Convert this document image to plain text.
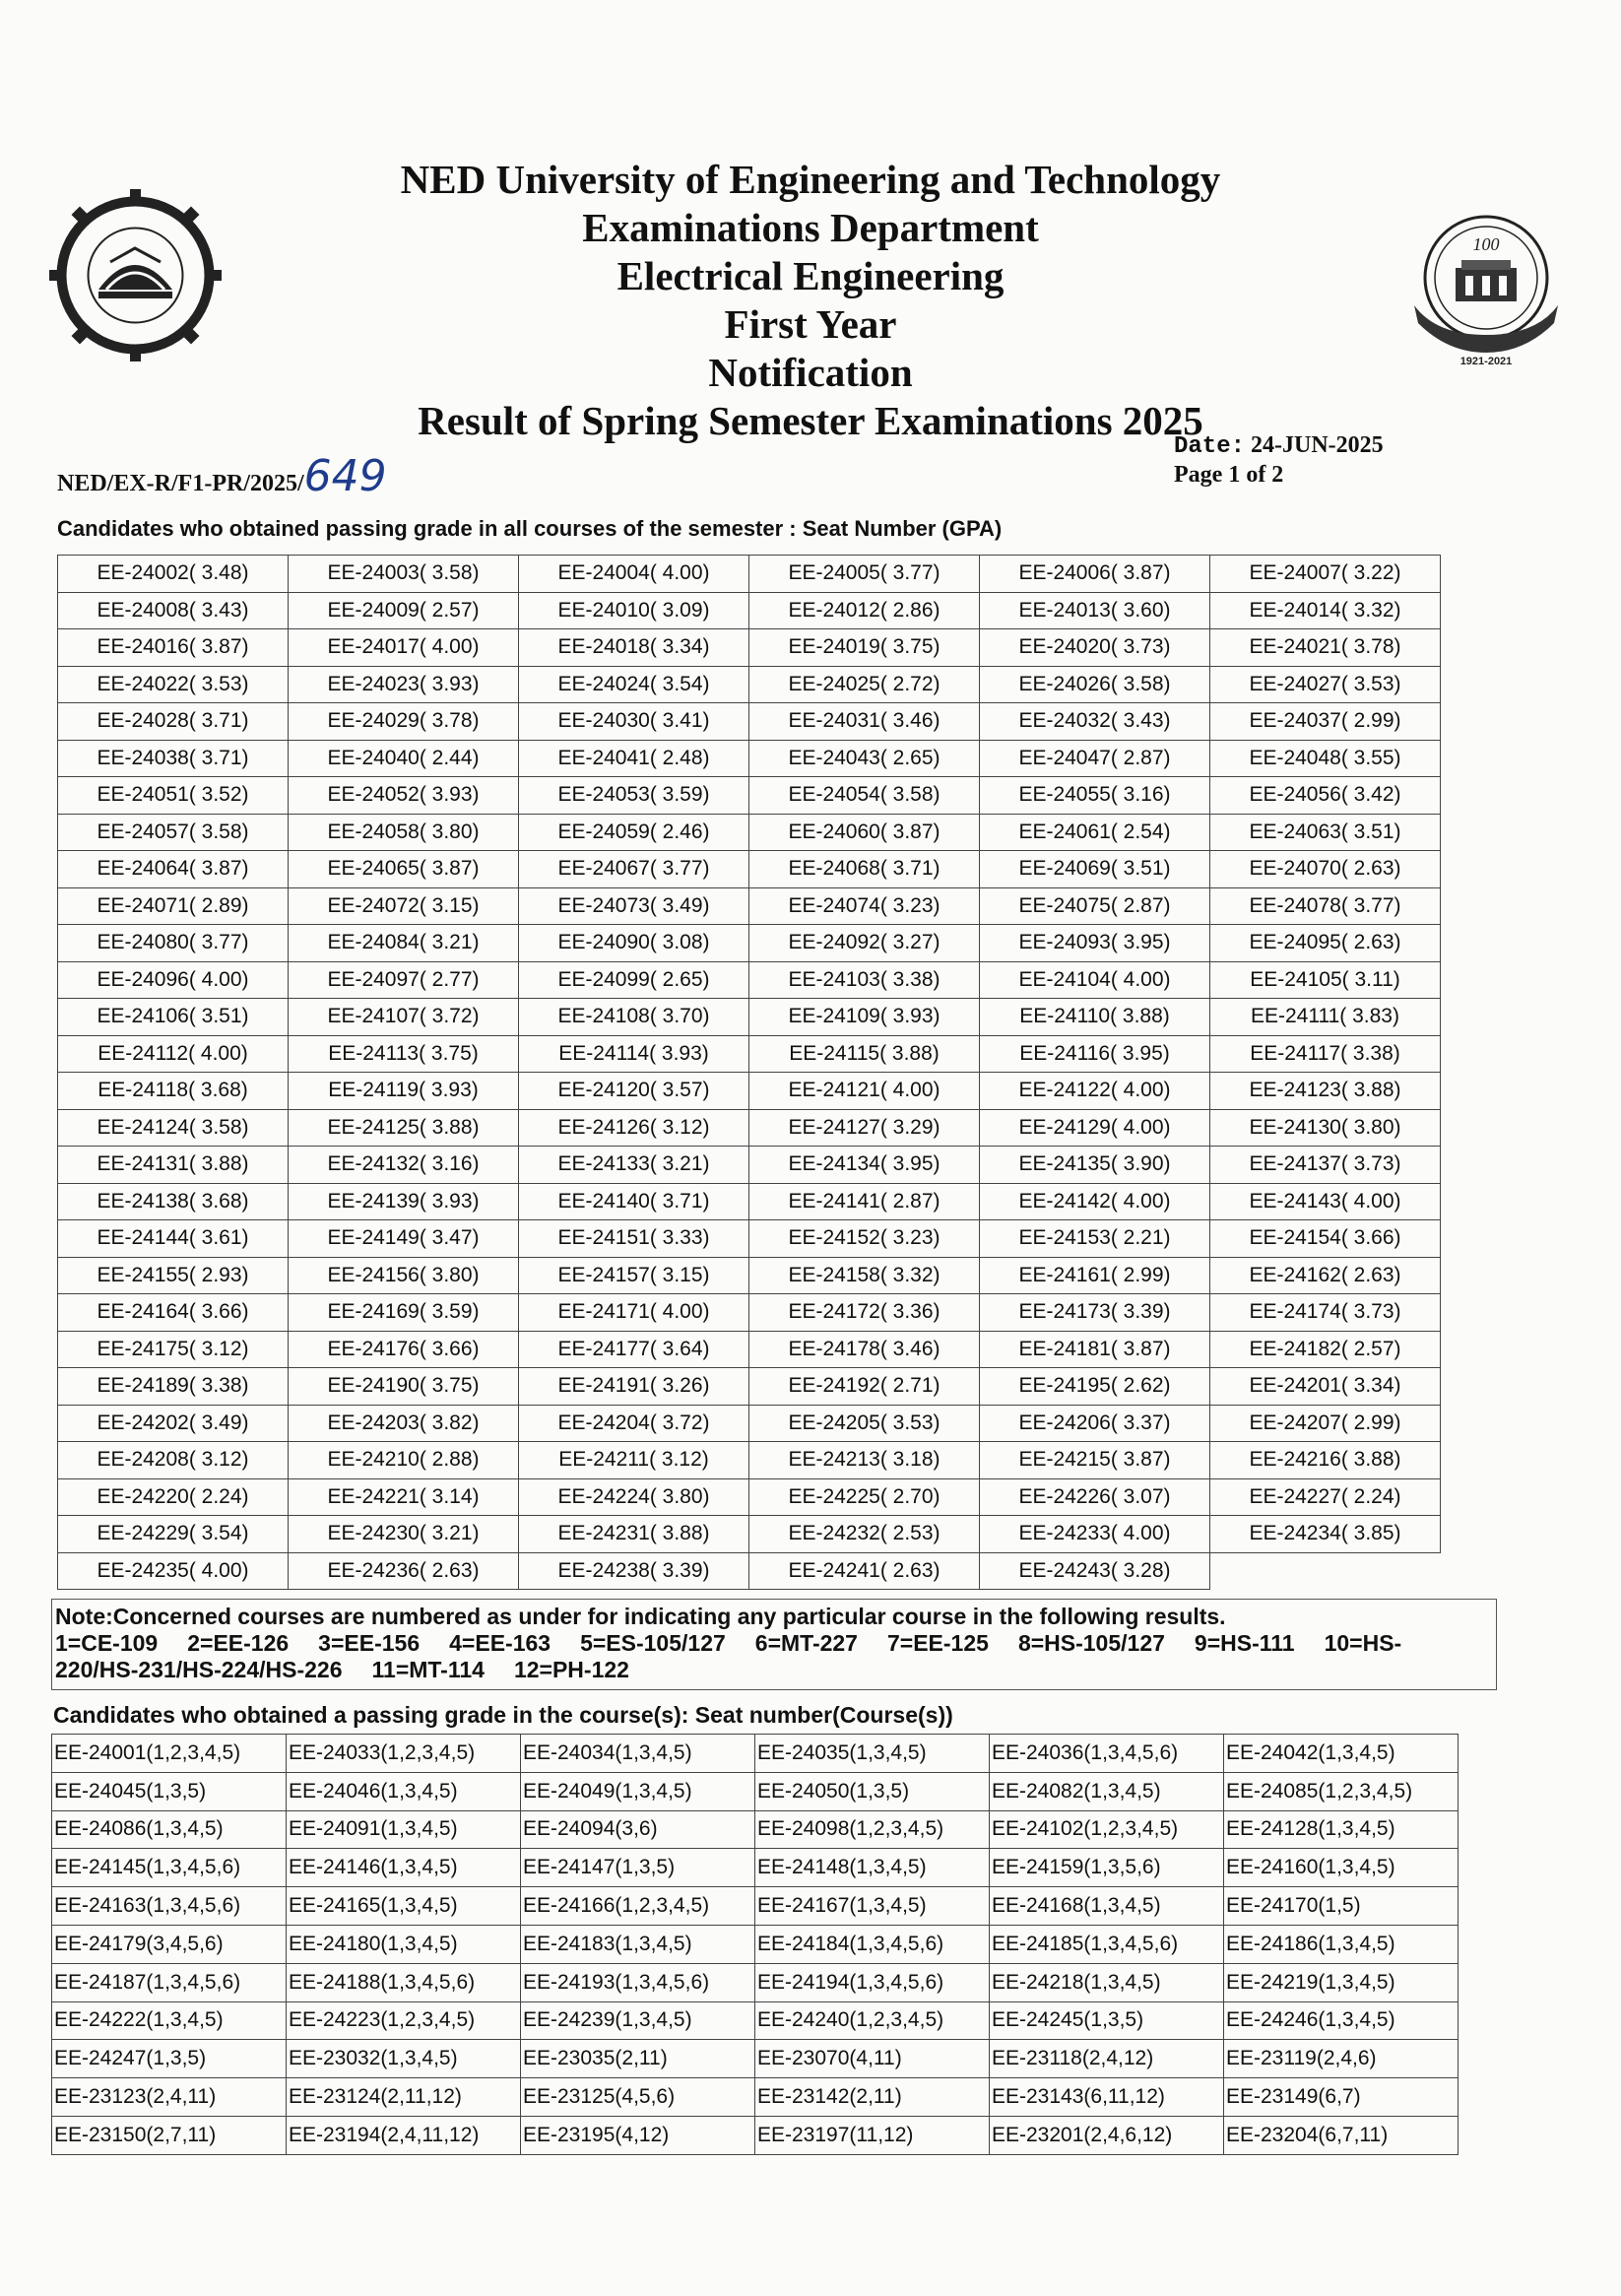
100
1921-2021
NED University of Engineering and Technology
Examinations Department
Electrical Engineering
First Year
Notification
Result of Spring Semester Examinations 2025
NED/EX-R/F1-PR/2025/649
Date: 24-JUN-2025
Page 1 of 2
Candidates who obtained passing grade in all courses of the semester : Seat Number (GPA)
EE-24002( 3.48)	EE-24003( 3.58)	EE-24004( 4.00)	EE-24005( 3.77)	EE-24006( 3.87)	EE-24007( 3.22)
EE-24008( 3.43)	EE-24009( 2.57)	EE-24010( 3.09)	EE-24012( 2.86)	EE-24013( 3.60)	EE-24014( 3.32)
EE-24016( 3.87)	EE-24017( 4.00)	EE-24018( 3.34)	EE-24019( 3.75)	EE-24020( 3.73)	EE-24021( 3.78)
EE-24022( 3.53)	EE-24023( 3.93)	EE-24024( 3.54)	EE-24025( 2.72)	EE-24026( 3.58)	EE-24027( 3.53)
EE-24028( 3.71)	EE-24029( 3.78)	EE-24030( 3.41)	EE-24031( 3.46)	EE-24032( 3.43)	EE-24037( 2.99)
EE-24038( 3.71)	EE-24040( 2.44)	EE-24041( 2.48)	EE-24043( 2.65)	EE-24047( 2.87)	EE-24048( 3.55)
EE-24051( 3.52)	EE-24052( 3.93)	EE-24053( 3.59)	EE-24054( 3.58)	EE-24055( 3.16)	EE-24056( 3.42)
EE-24057( 3.58)	EE-24058( 3.80)	EE-24059( 2.46)	EE-24060( 3.87)	EE-24061( 2.54)	EE-24063( 3.51)
EE-24064( 3.87)	EE-24065( 3.87)	EE-24067( 3.77)	EE-24068( 3.71)	EE-24069( 3.51)	EE-24070( 2.63)
EE-24071( 2.89)	EE-24072( 3.15)	EE-24073( 3.49)	EE-24074( 3.23)	EE-24075( 2.87)	EE-24078( 3.77)
EE-24080( 3.77)	EE-24084( 3.21)	EE-24090( 3.08)	EE-24092( 3.27)	EE-24093( 3.95)	EE-24095( 2.63)
EE-24096( 4.00)	EE-24097( 2.77)	EE-24099( 2.65)	EE-24103( 3.38)	EE-24104( 4.00)	EE-24105( 3.11)
EE-24106( 3.51)	EE-24107( 3.72)	EE-24108( 3.70)	EE-24109( 3.93)	EE-24110( 3.88)	EE-24111( 3.83)
EE-24112( 4.00)	EE-24113( 3.75)	EE-24114( 3.93)	EE-24115( 3.88)	EE-24116( 3.95)	EE-24117( 3.38)
EE-24118( 3.68)	EE-24119( 3.93)	EE-24120( 3.57)	EE-24121( 4.00)	EE-24122( 4.00)	EE-24123( 3.88)
EE-24124( 3.58)	EE-24125( 3.88)	EE-24126( 3.12)	EE-24127( 3.29)	EE-24129( 4.00)	EE-24130( 3.80)
EE-24131( 3.88)	EE-24132( 3.16)	EE-24133( 3.21)	EE-24134( 3.95)	EE-24135( 3.90)	EE-24137( 3.73)
EE-24138( 3.68)	EE-24139( 3.93)	EE-24140( 3.71)	EE-24141( 2.87)	EE-24142( 4.00)	EE-24143( 4.00)
EE-24144( 3.61)	EE-24149( 3.47)	EE-24151( 3.33)	EE-24152( 3.23)	EE-24153( 2.21)	EE-24154( 3.66)
EE-24155( 2.93)	EE-24156( 3.80)	EE-24157( 3.15)	EE-24158( 3.32)	EE-24161( 2.99)	EE-24162( 2.63)
EE-24164( 3.66)	EE-24169( 3.59)	EE-24171( 4.00)	EE-24172( 3.36)	EE-24173( 3.39)	EE-24174( 3.73)
EE-24175( 3.12)	EE-24176( 3.66)	EE-24177( 3.64)	EE-24178( 3.46)	EE-24181( 3.87)	EE-24182( 2.57)
EE-24189( 3.38)	EE-24190( 3.75)	EE-24191( 3.26)	EE-24192( 2.71)	EE-24195( 2.62)	EE-24201( 3.34)
EE-24202( 3.49)	EE-24203( 3.82)	EE-24204( 3.72)	EE-24205( 3.53)	EE-24206( 3.37)	EE-24207( 2.99)
EE-24208( 3.12)	EE-24210( 2.88)	EE-24211( 3.12)	EE-24213( 3.18)	EE-24215( 3.87)	EE-24216( 3.88)
EE-24220( 2.24)	EE-24221( 3.14)	EE-24224( 3.80)	EE-24225( 2.70)	EE-24226( 3.07)	EE-24227( 2.24)
EE-24229( 3.54)	EE-24230( 3.21)	EE-24231( 3.88)	EE-24232( 2.53)	EE-24233( 4.00)	EE-24234( 3.85)
EE-24235( 4.00)	EE-24236( 2.63)	EE-24238( 3.39)	EE-24241( 2.63)	EE-24243( 3.28)	
Note:Concerned courses are numbered as under for indicating any particular course in the following results.
1=CE-109 2=EE-126 3=EE-156 4=EE-163 5=ES-105/127 6=MT-227 7=EE-125 8=HS-105/127 9=HS-111 10=HS-
220/HS-231/HS-224/HS-226 11=MT-114 12=PH-122
Candidates who obtained a passing grade in the course(s): Seat number(Course(s))
EE-24001(1,2,3,4,5)	EE-24033(1,2,3,4,5)	EE-24034(1,3,4,5)	EE-24035(1,3,4,5)	EE-24036(1,3,4,5,6)	EE-24042(1,3,4,5)
EE-24045(1,3,5)	EE-24046(1,3,4,5)	EE-24049(1,3,4,5)	EE-24050(1,3,5)	EE-24082(1,3,4,5)	EE-24085(1,2,3,4,5)
EE-24086(1,3,4,5)	EE-24091(1,3,4,5)	EE-24094(3,6)	EE-24098(1,2,3,4,5)	EE-24102(1,2,3,4,5)	EE-24128(1,3,4,5)
EE-24145(1,3,4,5,6)	EE-24146(1,3,4,5)	EE-24147(1,3,5)	EE-24148(1,3,4,5)	EE-24159(1,3,5,6)	EE-24160(1,3,4,5)
EE-24163(1,3,4,5,6)	EE-24165(1,3,4,5)	EE-24166(1,2,3,4,5)	EE-24167(1,3,4,5)	EE-24168(1,3,4,5)	EE-24170(1,5)
EE-24179(3,4,5,6)	EE-24180(1,3,4,5)	EE-24183(1,3,4,5)	EE-24184(1,3,4,5,6)	EE-24185(1,3,4,5,6)	EE-24186(1,3,4,5)
EE-24187(1,3,4,5,6)	EE-24188(1,3,4,5,6)	EE-24193(1,3,4,5,6)	EE-24194(1,3,4,5,6)	EE-24218(1,3,4,5)	EE-24219(1,3,4,5)
EE-24222(1,3,4,5)	EE-24223(1,2,3,4,5)	EE-24239(1,3,4,5)	EE-24240(1,2,3,4,5)	EE-24245(1,3,5)	EE-24246(1,3,4,5)
EE-24247(1,3,5)	EE-23032(1,3,4,5)	EE-23035(2,11)	EE-23070(4,11)	EE-23118(2,4,12)	EE-23119(2,4,6)
EE-23123(2,4,11)	EE-23124(2,11,12)	EE-23125(4,5,6)	EE-23142(2,11)	EE-23143(6,11,12)	EE-23149(6,7)
EE-23150(2,7,11)	EE-23194(2,4,11,12)	EE-23195(4,12)	EE-23197(11,12)	EE-23201(2,4,6,12)	EE-23204(6,7,11)
